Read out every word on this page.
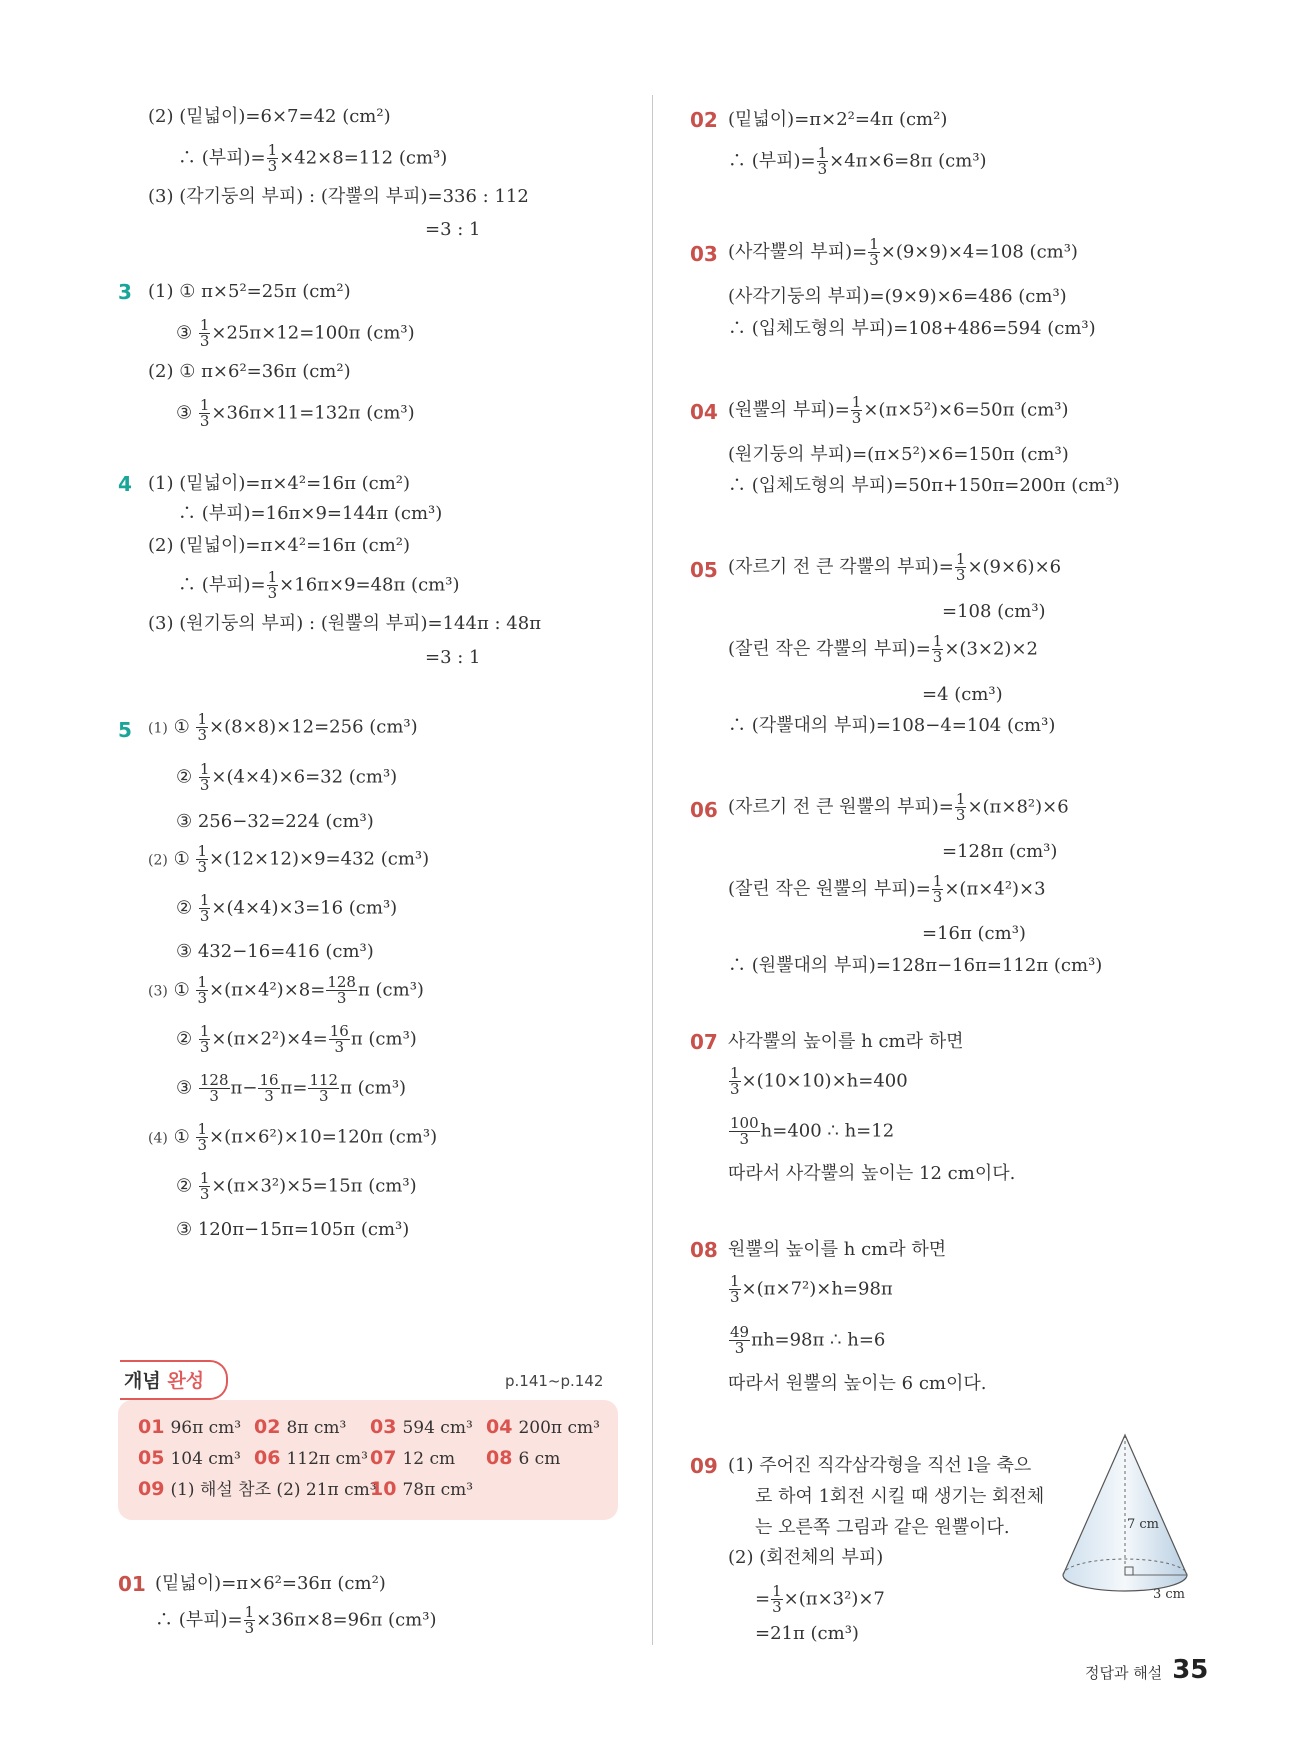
(2) (밑넓이)=6×7=42 (cm²)
∴ (부피)= $\frac{1}{3} \times 42\times 8=112$ (cm³)
(3) (각기둥의 부피) : (각뿔의 부피)=336 : 112
=3 : 1
3 (1) ① π×5²=25π (cm²)
③ $\frac{1}{3} \times 25\pi\times 12=100\pi$ (cm³)
(2) ① π×6²=36π (cm²)
③ $\frac{1}{3} \times 36\pi\times 11=132\pi$ (cm³)
4 (1) (밑넓이)=π×4²=16π (cm²)
∴ (부피)=16π×9=144π (cm³)
(2) (밑넓이)=π×4²=16π (cm²)
∴ (부피)= $\frac{1}{3} \times 16\pi\times 9=48\pi$ (cm³)
(3) (원기둥의 부피) : (원뿔의 부피)=144π : 48π
=3 : 1
5 (1) ① $\frac{1}{3} \times(8\times 8)\times 12=256$ (cm³)
② $\frac{1}{3} \times(4\times 4)\times 6=32$ (cm³)
③ 256−32=224 (cm³)
(2) ① $\frac{1}{3} \times(12\times 12)\times 9=432$ (cm³)
② $\frac{1}{3} \times(4\times 4)\times 3=16$ (cm³)
③ 432−16=416 (cm³)
(3) ① $\frac{1}{3} \times(\pi\times 4^2)\times 8= \frac{128}{3}$ π (cm³)
② $\frac{1}{3} \times(\pi\times 2^2)\times 4= \frac{16}{3}$ π (cm³)
③ $\frac{128}{3} \pi- \frac{16}{3} \pi= \frac{112}{3}$ π (cm³)
(4) ① $\frac{1}{3} \times(\pi\times 6^2)\times 10=120\pi$ (cm³)
② $\frac{1}{3} \times(\pi\times 3^2)\times 5=15\pi$ (cm³)
③ 120π−15π=105π (cm³)
개념 완성	p.141~p.142
01 96π cm³ 02 8π cm³ 03 594 cm³ 04 200π cm³
05 104 cm³ 06 112π cm³ 07 12 cm 08 6 cm
09 (1) 해설 참조 (2) 21π cm³
10 78π cm³
01 (밑넓이)=π×6²=36π (cm²)
∴ (부피)= $\frac{1}{3} \times 36\pi\times 8=96\pi$ (cm³)
02 (밑넓이)=π×2²=4π (cm²)
∴ (부피)= $\frac{1}{3} \times 4\pi\times 6=8\pi$ (cm³)
03 (사각뿔의 부피)= $\frac{1}{3} \times(9\times 9)\times 4=108$ (cm³)
(사각기둥의 부피)=(9×9)×6=486 (cm³)
∴ (입체도형의 부피)=108+486=594 (cm³)
04 (원뿔의 부피)= $\frac{1}{3} \times(\pi\times 5^2)\times 6=50\pi$ (cm³)
(원기둥의 부피)=(π×5²)×6=150π (cm³)
∴ (입체도형의 부피)=50π+150π=200π (cm³)
05 (자르기 전 큰 각뿔의 부피)= $\frac{1}{3} \times(9\times 6)\times 6$
=108 (cm³)
(잘린 작은 각뿔의 부피)= $\frac{1}{3} \times(3\times 2)\times 2$
=4 (cm³)
∴ (각뿔대의 부피)=108−4=104 (cm³)
06 (자르기 전 큰 원뿔의 부피)= $\frac{1}{3} \times(\pi\times 8^2)\times 6$
=128π (cm³)
(잘린 작은 원뿔의 부피)= $\frac{1}{3} \times(\pi\times 4^2)\times 3$
=16π (cm³)
∴ (원뿔대의 부피)=128π−16π=112π (cm³)
07 사각뿔의 높이를 h cm라 하면
$\frac{1}{3} \times(10\times 10)\times h=400$
$\frac{100}{3} h=400$ ∴ h=12
따라서 사각뿔의 높이는 12 cm이다.
08 원뿔의 높이를 h cm라 하면
$\frac{1}{3} \times(\pi\times 7^2)\times h=98\pi$
$\frac{49}{3} \pi h=98\pi$ ∴ h=6
따라서 원뿔의 높이는 6 cm이다.
09 (1) 주어진 직각삼각형을 직선 l을 축으
로 하여 1회전 시킬 때 생기는 회전체
는 오른쪽 그림과 같은 원뿔이다.
(2) (회전체의 부피)
= $\frac{1}{3} \times(\pi\times 3^2)\times 7$
=21π (cm³)
7 cm
3 cm
정답과 해설 35
